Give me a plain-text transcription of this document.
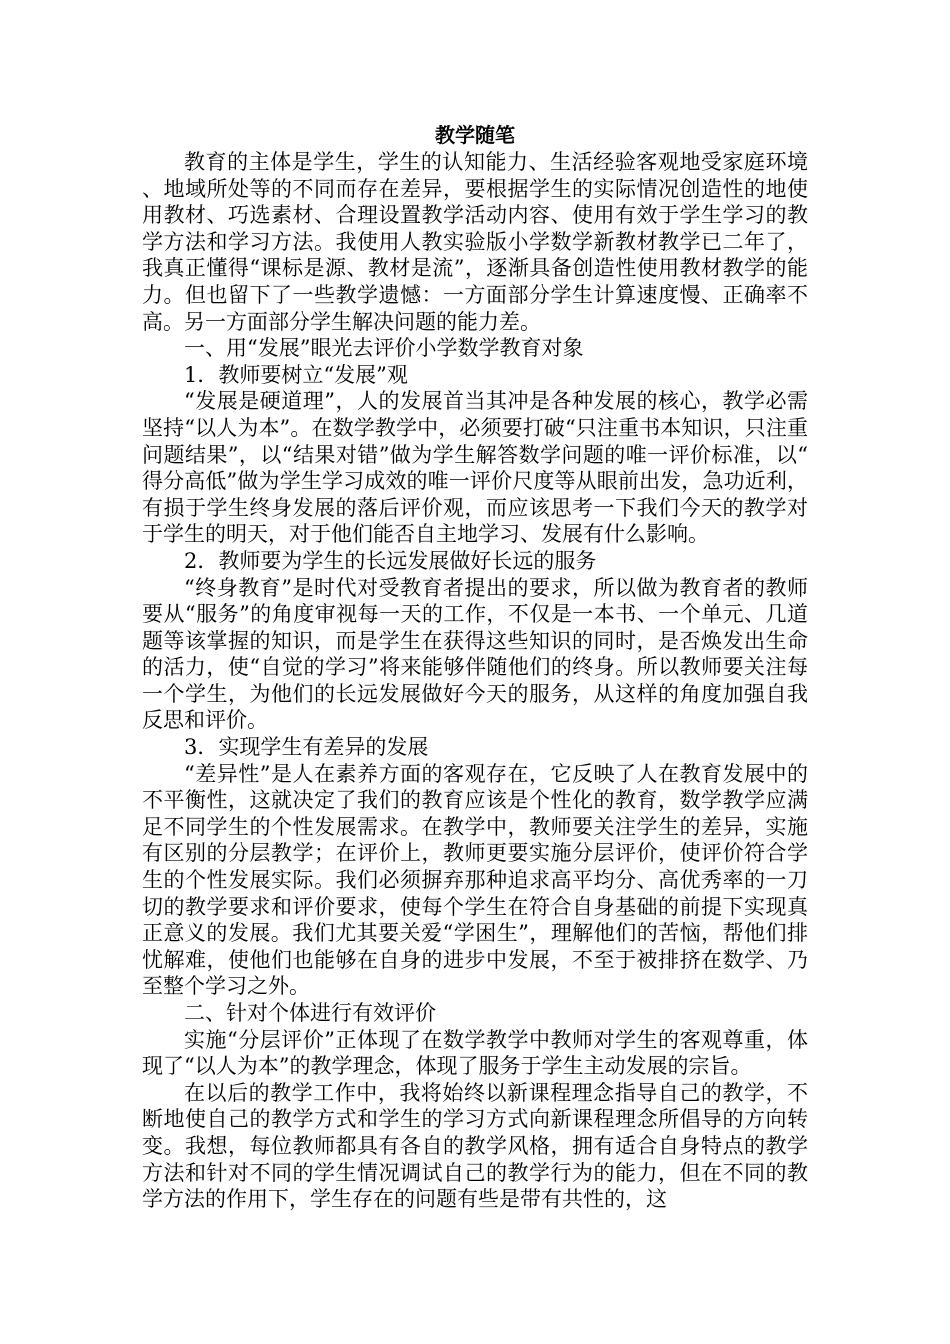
教学随笔

教育的主体是学生，学生的认知能力、生活经验客观地受家庭环境、地域所处等的不同而存在差异，要根据学生的实际情况创造性的地使用教材、巧选素材、合理设置教学活动内容、使用有效于学生学习的教学方法和学习方法。我使用人教实验版小学数学新教材教学已二年了，我真正懂得“课标是源、教材是流”，逐渐具备创造性使用教材教学的能力。但也留下了一些教学遗憾：一方面部分学生计算速度慢、正确率不高。另一方面部分学生解决问题的能力差。

一、用“发展”眼光去评价小学数学教育对象

1．教师要树立“发展”观

“发展是硬道理”，人的发展首当其冲是各种发展的核心，教学必需坚持“以人为本”。在数学教学中，必须要打破“只注重书本知识，只注重问题结果”，以“结果对错”做为学生解答数学问题的唯一评价标准，以“得分高低”做为学生学习成效的唯一评价尺度等从眼前出发，急功近利，有损于学生终身发展的落后评价观，而应该思考一下我们今天的教学对于学生的明天，对于他们能否自主地学习、发展有什么影响。

2．教师要为学生的长远发展做好长远的服务

“终身教育”是时代对受教育者提出的要求，所以做为教育者的教师要从“服务”的角度审视每一天的工作，不仅是一本书、一个单元、几道题等该掌握的知识，而是学生在获得这些知识的同时，是否焕发出生命的活力，使“自觉的学习”将来能够伴随他们的终身。所以教师要关注每一个学生，为他们的长远发展做好今天的服务，从这样的角度加强自我反思和评价。

3．实现学生有差异的发展

“差异性”是人在素养方面的客观存在，它反映了人在教育发展中的不平衡性，这就决定了我们的教育应该是个性化的教育，数学教学应满足不同学生的个性发展需求。在教学中，教师要关注学生的差异，实施有区别的分层教学；在评价上，教师更要实施分层评价，使评价符合学生的个性发展实际。我们必须摒弃那种追求高平均分、高优秀率的一刀切的教学要求和评价要求，使每个学生在符合自身基础的前提下实现真正意义的发展。我们尤其要关爱“学困生”，理解他们的苦恼，帮他们排忧解难，使他们也能够在自身的进步中发展，不至于被排挤在数学、乃至整个学习之外。

二、针对个体进行有效评价

实施“分层评价”正体现了在数学教学中教师对学生的客观尊重，体现了“以人为本”的教学理念，体现了服务于学生主动发展的宗旨。

在以后的教学工作中，我将始终以新课程理念指导自己的教学，不断地使自己的教学方式和学生的学习方式向新课程理念所倡导的方向转变。我想，每位教师都具有各自的教学风格，拥有适合自身特点的教学方法和针对不同的学生情况调试自己的教学行为的能力，但在不同的教学方法的作用下，学生存在的问题有些是带有共性的，这
